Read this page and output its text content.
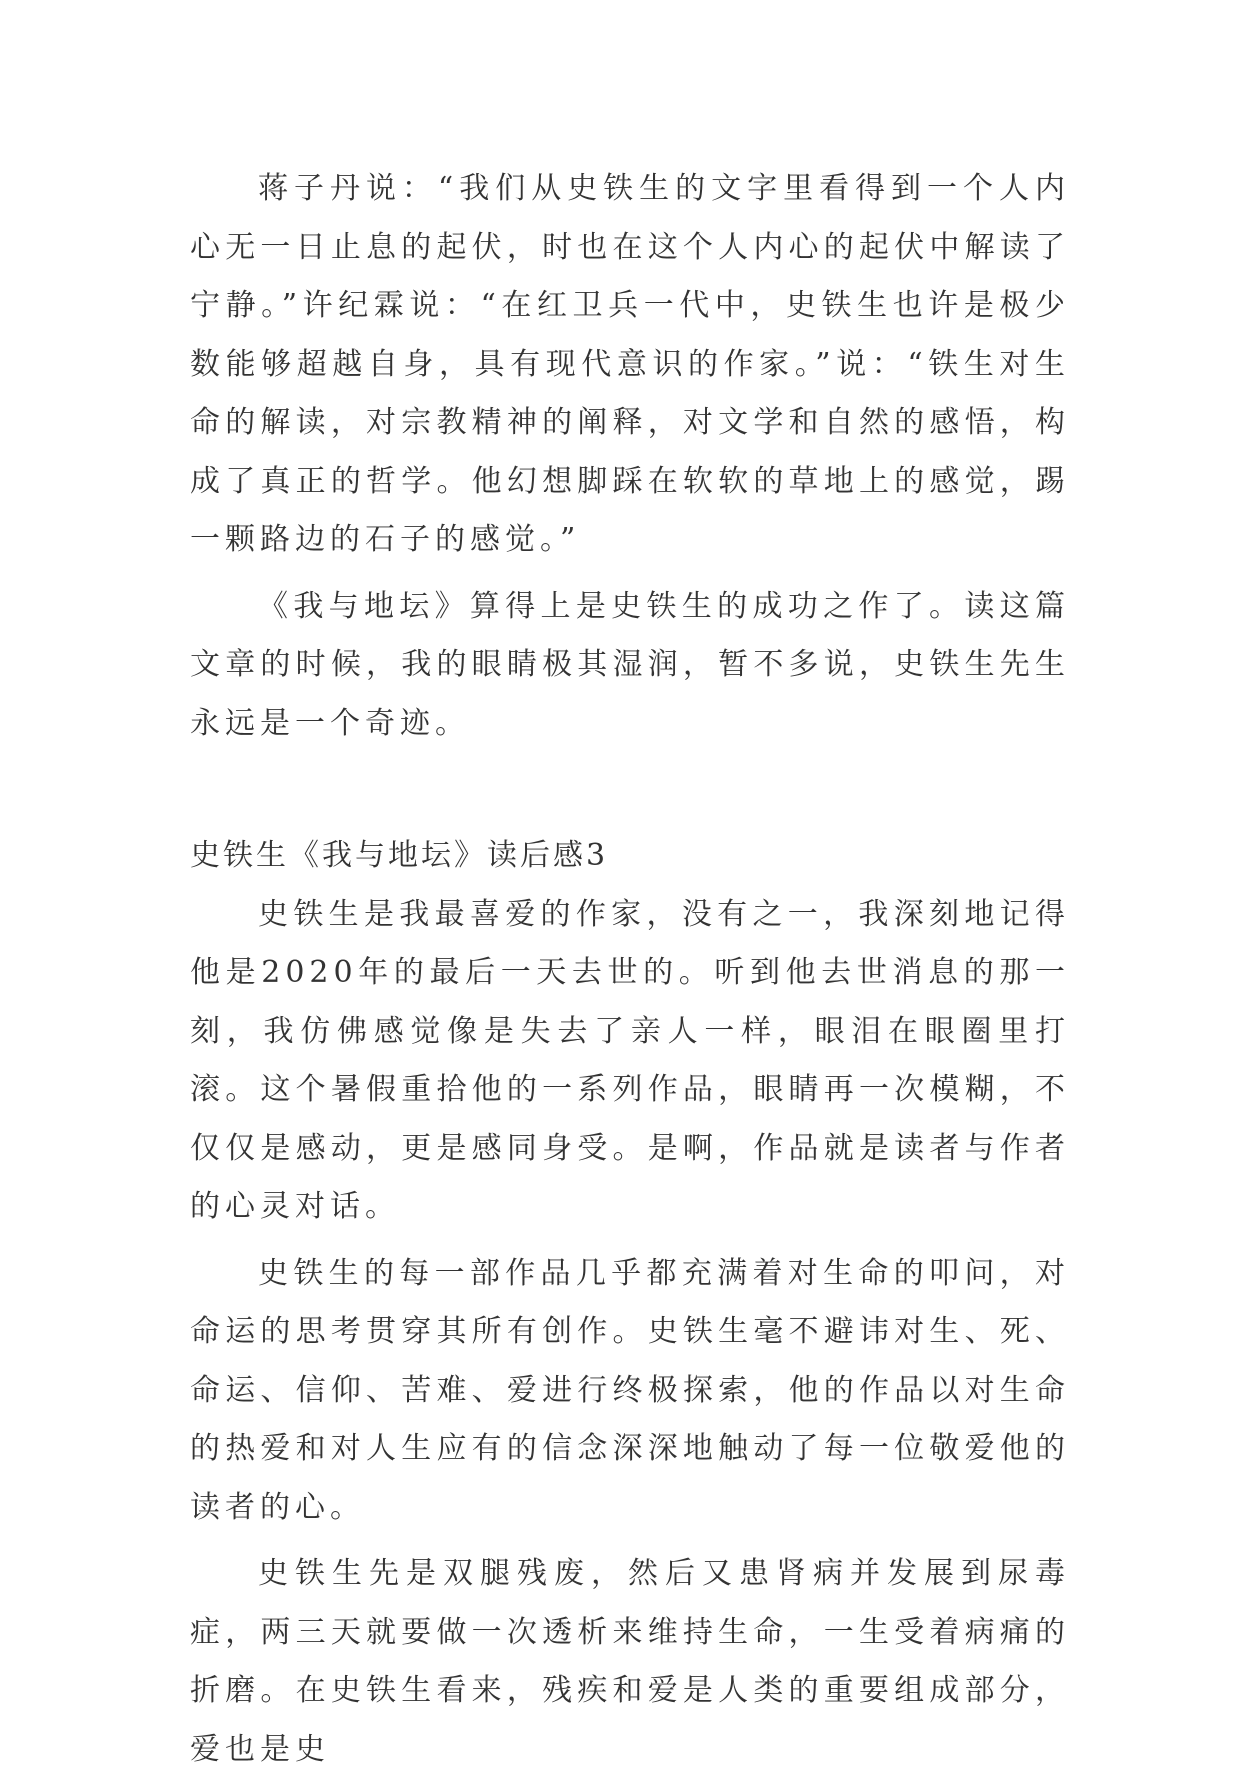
蒋子丹说：“我们从史铁生的文字里看得到一个人内心无一日止息的起伏，时也在这个人内心的起伏中解读了宁静。”许纪霖说：“在红卫兵一代中，史铁生也许是极少数能够超越自身，具有现代意识的作家。”说：“铁生对生命的解读，对宗教精神的阐释，对文学和自然的感悟，构成了真正的哲学。他幻想脚踩在软软的草地上的感觉，踢一颗路边的石子的感觉。”

《我与地坛》算得上是史铁生的成功之作了。读这篇文章的时候，我的眼睛极其湿润，暂不多说，史铁生先生永远是一个奇迹。

史铁生《我与地坛》读后感3

史铁生是我最喜爱的作家，没有之一，我深刻地记得他是2020年的最后一天去世的。听到他去世消息的那一刻，我仿佛感觉像是失去了亲人一样，眼泪在眼圈里打滚。这个暑假重拾他的一系列作品，眼睛再一次模糊，不仅仅是感动，更是感同身受。是啊，作品就是读者与作者的心灵对话。

史铁生的每一部作品几乎都充满着对生命的叩问，对命运的思考贯穿其所有创作。史铁生毫不避讳对生、死、命运、信仰、苦难、爱进行终极探索，他的作品以对生命的热爱和对人生应有的信念深深地触动了每一位敬爱他的读者的心。

史铁生先是双腿残废，然后又患肾病并发展到尿毒症，两三天就要做一次透析来维持生命，一生受着病痛的折磨。在史铁生看来，残疾和爱是人类的重要组成部分，爱也是史
